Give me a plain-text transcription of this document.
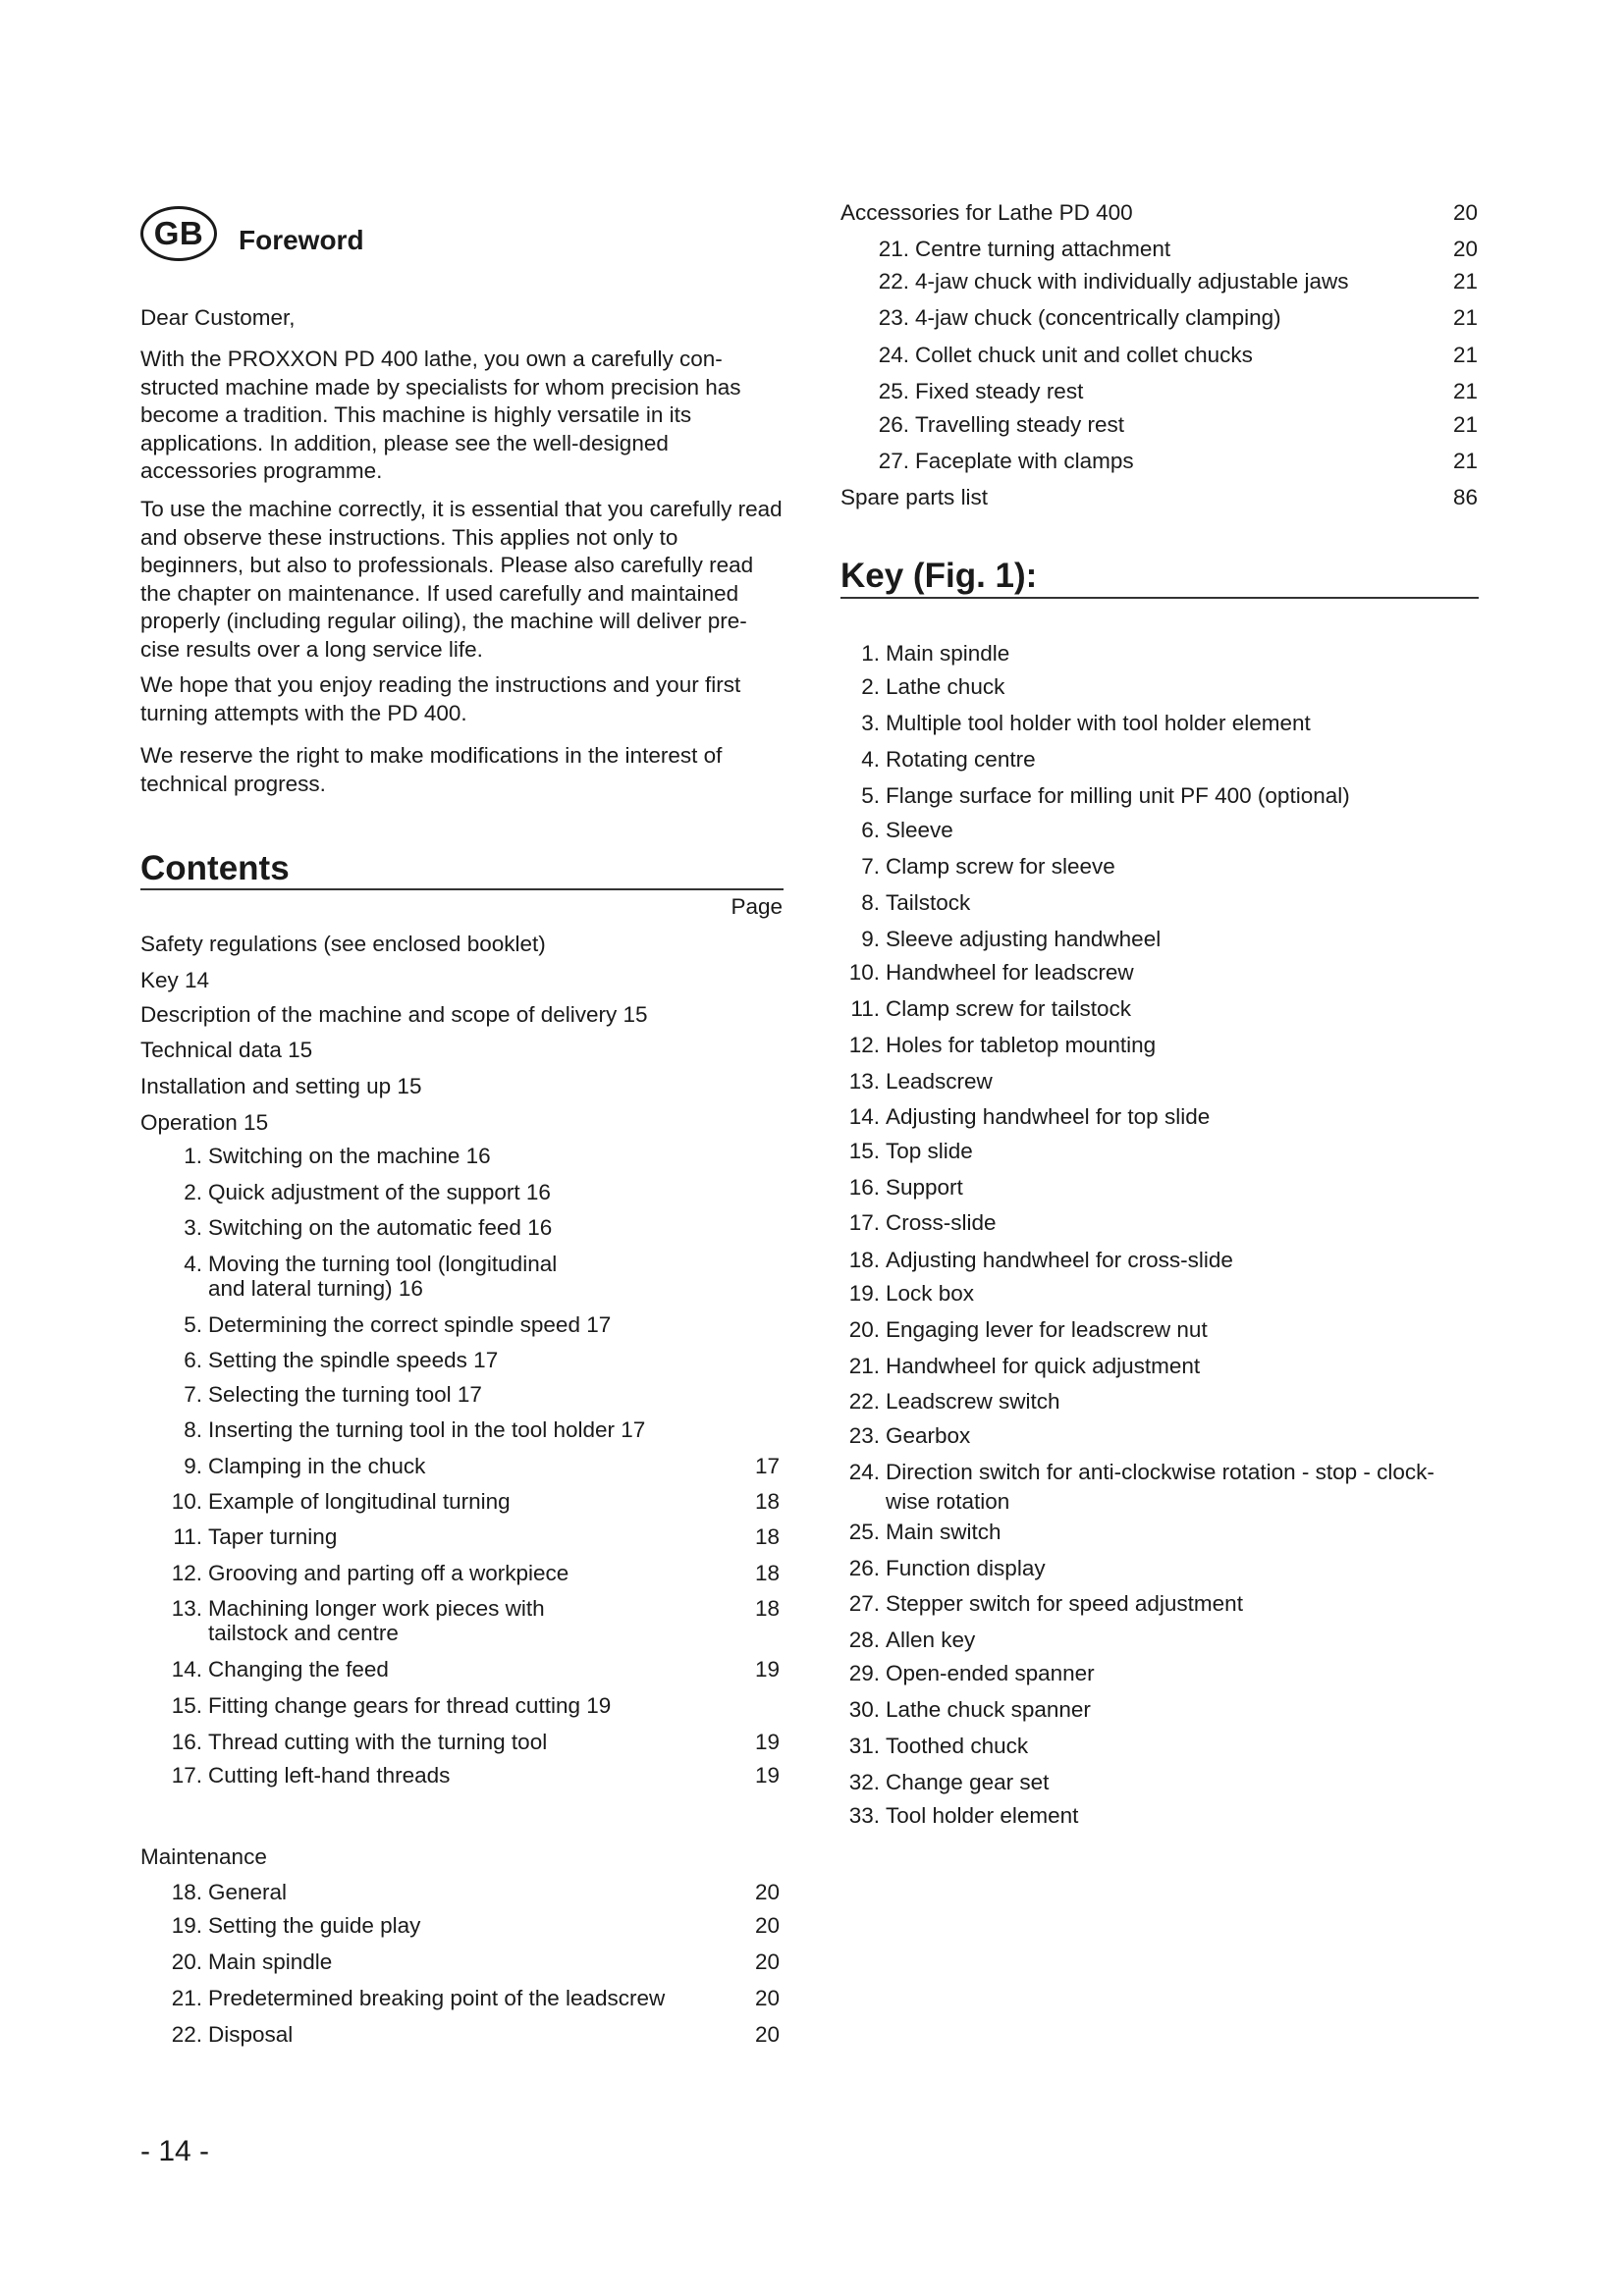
GB	Foreword
Dear Customer,
With the PROXXON PD 400 lathe, you own a carefully con-structed machine made by specialists for whom precision has become a tradition. This machine is highly versatile in its applications. In addition, please see the well-designed accessories programme.
To use the machine correctly, it is essential that you carefully read and observe these instructions. This applies not only to beginners, but also to professionals. Please also carefully read the chapter on maintenance. If used carefully and maintained properly (including regular oiling), the machine will deliver pre-cise results over a long service life.
We hope that you enjoy reading the instructions and your first turning attempts with the PD 400.
We reserve the right to make modifications in the interest of technical progress.
Contents
Page
Safety regulations (see enclosed booklet)
Key 14
Description of the machine and scope of delivery 15
Technical data 15
Installation and setting up 15
Operation 15
1. Switching on the machine 16
2. Quick adjustment of the support 16
3. Switching on the automatic feed 16
4. Moving the turning tool (longitudinal
and lateral turning) 16
5. Determining the correct spindle speed 17
6. Setting the spindle speeds 17
7. Selecting the turning tool 17
8. Inserting the turning tool in the tool holder 17
9. Clamping in the chuck	17
10. Example of longitudinal turning	18
11. Taper turning	18
12. Grooving and parting off a workpiece	18
13. Machining longer work pieces with
tailstock and centre
18
14. Changing the feed	19
15. Fitting change gears for thread cutting 19
16. Thread cutting with the turning tool	19
17. Cutting left-hand threads	19
Maintenance
18. General	20
19. Setting the guide play	20
20. Main spindle	20
21. Predetermined breaking point of the leadscrew	20
22. Disposal	20
- 14 -
Accessories for Lathe PD 400	20
21. Centre turning attachment	20
22. 4-jaw chuck with individually adjustable jaws	21
23. 4-jaw chuck (concentrically clamping)	21
24. Collet chuck unit and collet chucks	21
25. Fixed steady rest	21
26. Travelling steady rest	21
27. Faceplate with clamps	21
Spare parts list	86
Key (Fig. 1):
1. Main spindle
2. Lathe chuck
3. Multiple tool holder with tool holder element
4. Rotating centre
5. Flange surface for milling unit PF 400 (optional)
6. Sleeve
7. Clamp screw for sleeve
8. Tailstock
9. Sleeve adjusting handwheel
10. Handwheel for leadscrew
11. Clamp screw for tailstock
12. Holes for tabletop mounting
13. Leadscrew
14. Adjusting handwheel for top slide
15. Top slide
16. Support
17. Cross-slide
18. Adjusting handwheel for cross-slide
19. Lock box
20. Engaging lever for leadscrew nut
21. Handwheel for quick adjustment
22. Leadscrew switch
23. Gearbox
24. Direction switch for anti-clockwise rotation - stop - clock-
wise rotation
25. Main switch
26. Function display
27. Stepper switch for speed adjustment
28. Allen key
29. Open-ended spanner
30. Lathe chuck spanner
31. Toothed chuck
32. Change gear set
33. Tool holder element
